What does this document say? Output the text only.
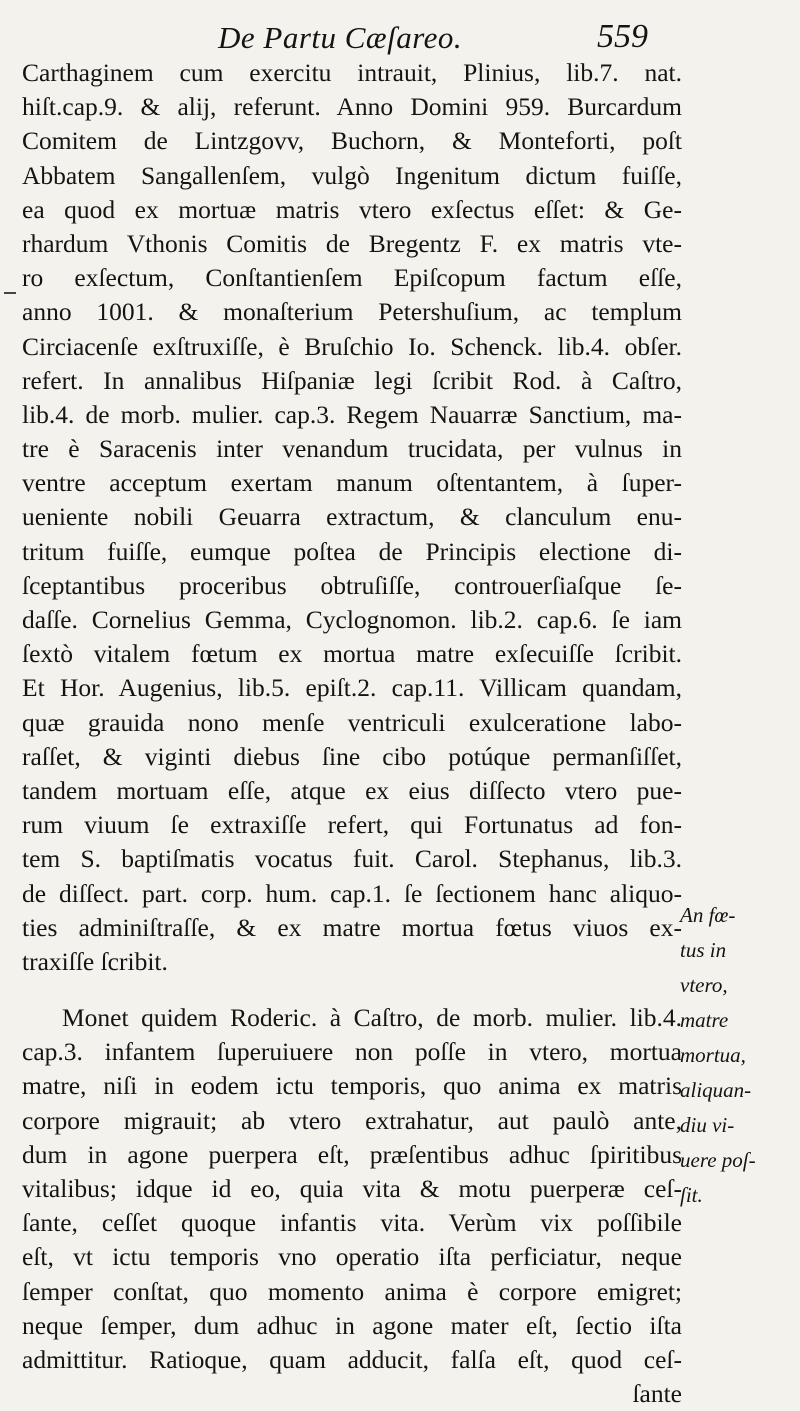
De Partu Cæſareo.	559
Carthaginem cum exercitu intrauit, Plinius, lib.7. nat.
hiſt.cap.9. & alij, referunt. Anno Domini 959. Burcardum
Comitem de Lintzgovv, Buchorn, & Monteforti, poſt
Abbatem Sangallenſem, vulgò Ingenitum dictum fuiſſe,
ea quod ex mortuæ matris vtero exſectus eſſet: & Ge-
rhardum Vthonis Comitis de Bregentz F. ex matris vte-
ro exſectum, Conſtantienſem Epiſcopum factum eſſe,
anno 1001. & monaſterium Petershuſium, ac templum
Circiacenſe exſtruxiſſe, è Bruſchio Io. Schenck. lib.4. obſer.
refert. In annalibus Hiſpaniæ legi ſcribit Rod. à Caſtro,
lib.4. de morb. mulier. cap.3. Regem Nauarræ Sanctium, ma-
tre è Saracenis inter venandum trucidata, per vulnus in
ventre acceptum exertam manum oſtentantem, à ſuper-
ueniente nobili Geuarra extractum, & clanculum enu-
tritum fuiſſe, eumque poſtea de Principis electione di-
ſceptantibus proceribus obtruſiſſe, controuerſiaſque ſe-
daſſe. Cornelius Gemma, Cyclognomon. lib.2. cap.6. ſe iam
ſextò vitalem fœtum ex mortua matre exſecuiſſe ſcribit.
Et Hor. Augenius, lib.5. epiſt.2. cap.11. Villicam quandam,
quæ grauida nono menſe ventriculi exulceratione labo-
raſſet, & viginti diebus ſine cibo potúque permanſiſſet,
tandem mortuam eſſe, atque ex eius diſſecto vtero pue-
rum viuum ſe extraxiſſe refert, qui Fortunatus ad fon-
tem S. baptiſmatis vocatus fuit. Carol. Stephanus, lib.3.
de diſſect. part. corp. hum. cap.1. ſe ſectionem hanc aliquo-
ties adminiſtraſſe, & ex matre mortua fœtus viuos ex-
traxiſſe ſcribit.
Monet quidem Roderic. à Caſtro, de morb. mulier. lib.4.
cap.3. infantem ſuperuiuere non poſſe in vtero, mortua
matre, niſi in eodem ictu temporis, quo anima ex matris
corpore migrauit; ab vtero extrahatur, aut paulò ante,
dum in agone puerpera eſt, præſentibus adhuc ſpiritibus
vitalibus; idque id eo, quia vita & motu puerperæ ceſ-
ſante, ceſſet quoque infantis vita. Verùm vix poſſibile
eſt, vt ictu temporis vno operatio iſta perficiatur, neque
ſemper conſtat, quo momento anima è corpore emigret;
neque ſemper, dum adhuc in agone mater eſt, ſectio iſta
admittitur. Ratioque, quam adducit, falſa eſt, quod ceſ-
ſante
An fœ-
tus in
vtero,
matre
mortua,
aliquan-
diu vi-
uere poſ-
ſit.
